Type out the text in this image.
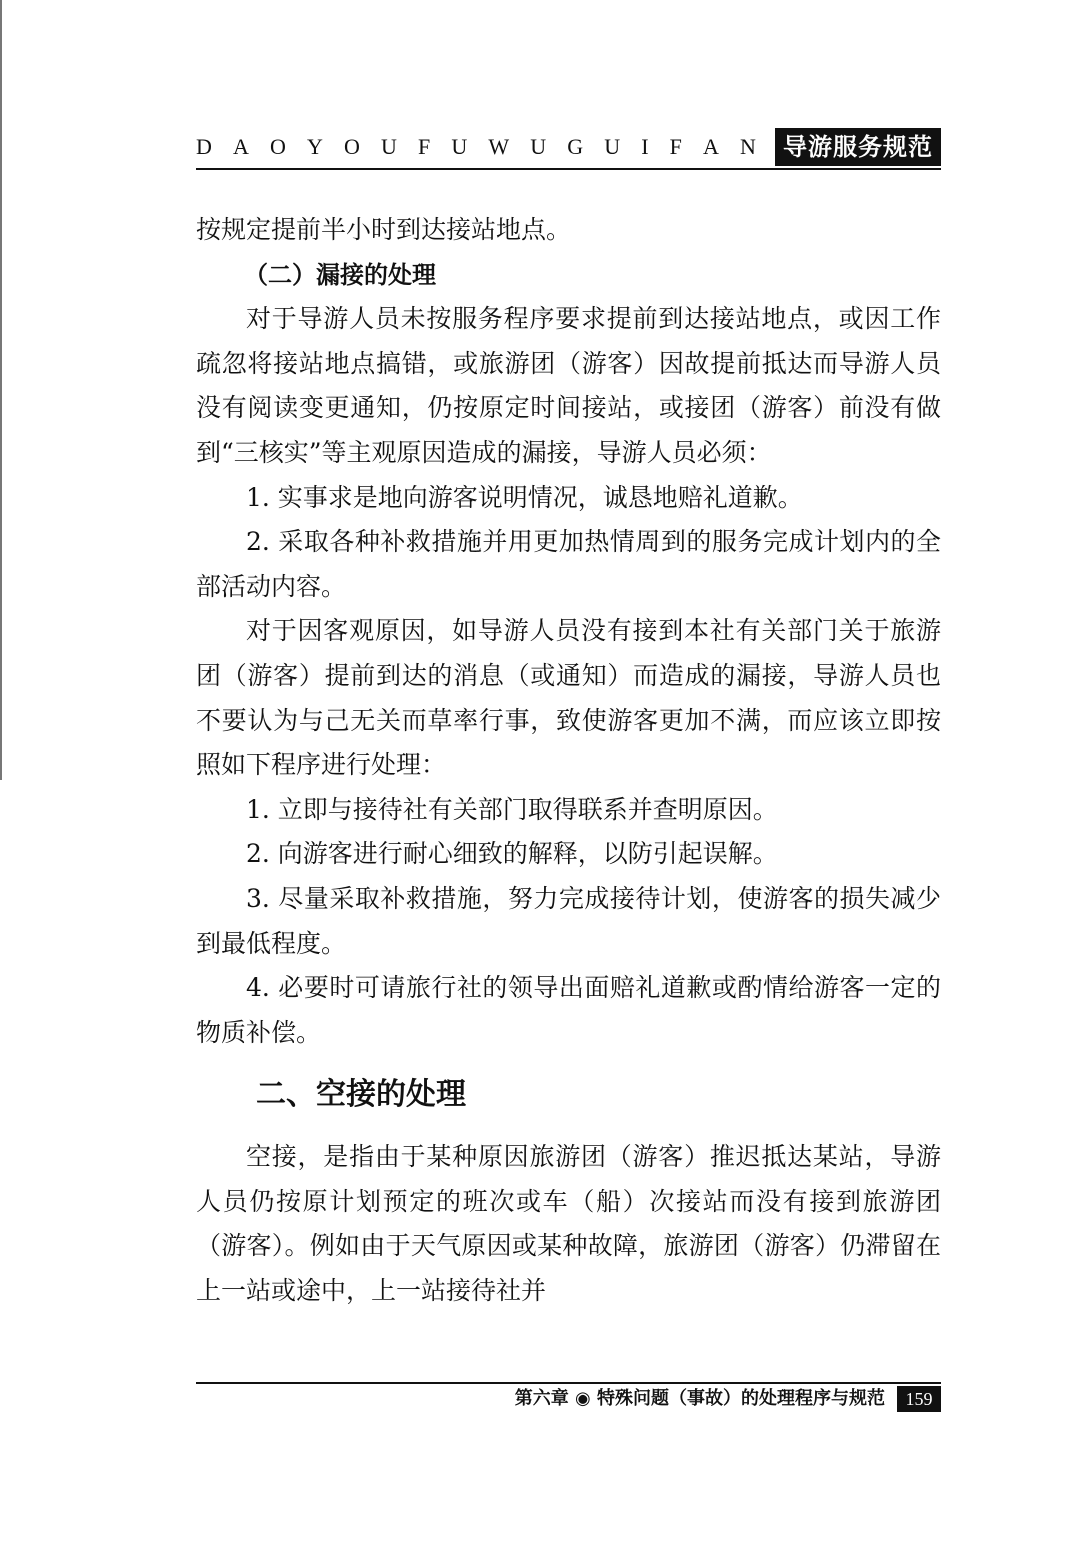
D A O Y O U F U W U G U I F A N	导游服务规范

按规定提前半小时到达接站地点。

（二）漏接的处理

对于导游人员未按服务程序要求提前到达接站地点，或因工作疏忽将接站地点搞错，或旅游团（游客）因故提前抵达而导游人员没有阅读变更通知，仍按原定时间接站，或接团（游客）前没有做到“三核实”等主观原因造成的漏接，导游人员必须：

1. 实事求是地向游客说明情况，诚恳地赔礼道歉。

2. 采取各种补救措施并用更加热情周到的服务完成计划内的全部活动内容。

对于因客观原因，如导游人员没有接到本社有关部门关于旅游团（游客）提前到达的消息（或通知）而造成的漏接，导游人员也不要认为与己无关而草率行事，致使游客更加不满，而应该立即按照如下程序进行处理：

1. 立即与接待社有关部门取得联系并查明原因。

2. 向游客进行耐心细致的解释，以防引起误解。

3. 尽量采取补救措施，努力完成接待计划，使游客的损失减少到最低程度。

4. 必要时可请旅行社的领导出面赔礼道歉或酌情给游客一定的物质补偿。

二、空接的处理

空接，是指由于某种原因旅游团（游客）推迟抵达某站，导游人员仍按原计划预定的班次或车（船）次接站而没有接到旅游团（游客）。例如由于天气原因或某种故障，旅游团（游客）仍滞留在上一站或途中，上一站接待社并

第六章 ◉ 特殊问题（事故）的处理程序与规范	159
